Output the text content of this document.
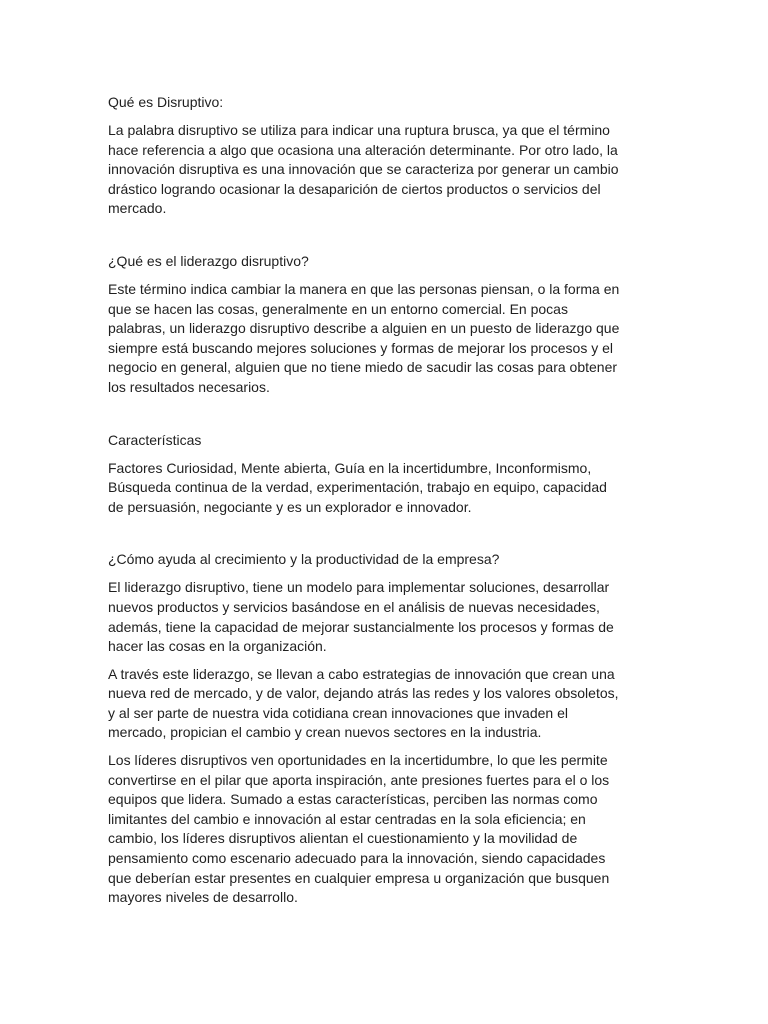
Qué es Disruptivo:

La palabra disruptivo se utiliza para indicar una ruptura brusca, ya que el término
hace referencia a algo que ocasiona una alteración determinante. Por otro lado, la
innovación disruptiva es una innovación que se caracteriza por generar un cambio
drástico logrando ocasionar la desaparición de ciertos productos o servicios del
mercado.

¿Qué es el liderazgo disruptivo?

Este término indica cambiar la manera en que las personas piensan, o la forma en
que se hacen las cosas, generalmente en un entorno comercial. En pocas
palabras, un liderazgo disruptivo describe a alguien en un puesto de liderazgo que
siempre está buscando mejores soluciones y formas de mejorar los procesos y el
negocio en general, alguien que no tiene miedo de sacudir las cosas para obtener
los resultados necesarios.

Características

Factores Curiosidad, Mente abierta, Guía en la incertidumbre, Inconformismo,
Búsqueda continua de la verdad, experimentación, trabajo en equipo, capacidad
de persuasión, negociante y es un explorador e innovador.

¿Cómo ayuda al crecimiento y la productividad de la empresa?

El liderazgo disruptivo, tiene un modelo para implementar soluciones, desarrollar
nuevos productos y servicios basándose en el análisis de nuevas necesidades,
además, tiene la capacidad de mejorar sustancialmente los procesos y formas de
hacer las cosas en la organización.

A través este liderazgo, se llevan a cabo estrategias de innovación que crean una
nueva red de mercado, y de valor, dejando atrás las redes y los valores obsoletos,
y al ser parte de nuestra vida cotidiana crean innovaciones que invaden el
mercado, propician el cambio y crean nuevos sectores en la industria.

Los líderes disruptivos ven oportunidades en la incertidumbre, lo que les permite
convertirse en el pilar que aporta inspiración, ante presiones fuertes para el o los
equipos que lidera. Sumado a estas características, perciben las normas como
limitantes del cambio e innovación al estar centradas en la sola eficiencia; en
cambio, los líderes disruptivos alientan el cuestionamiento y la movilidad de
pensamiento como escenario adecuado para la innovación, siendo capacidades
que deberían estar presentes en cualquier empresa u organización que busquen
mayores niveles de desarrollo.
